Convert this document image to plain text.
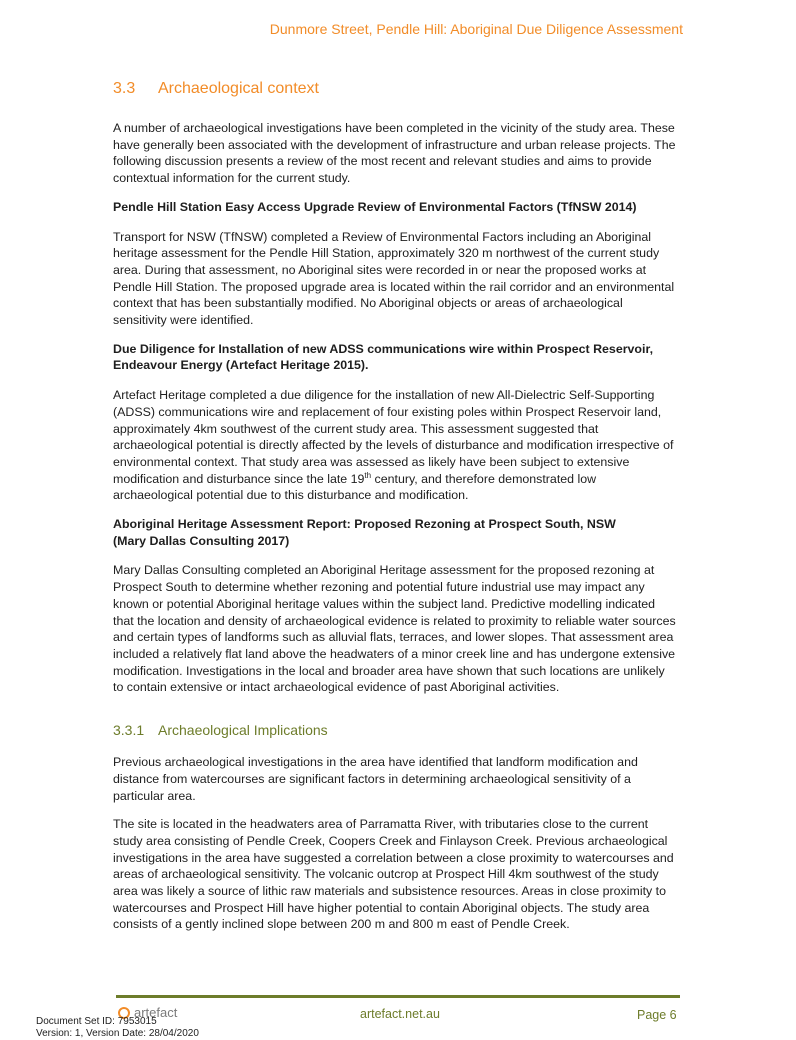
Dunmore Street, Pendle Hill: Aboriginal Due Diligence Assessment
3.3 Archaeological context

A number of archaeological investigations have been completed in the vicinity of the study area. These have generally been associated with the development of infrastructure and urban release projects. The following discussion presents a review of the most recent and relevant studies and aims to provide contextual information for the current study.

Pendle Hill Station Easy Access Upgrade Review of Environmental Factors (TfNSW 2014)

Transport for NSW (TfNSW) completed a Review of Environmental Factors including an Aboriginal heritage assessment for the Pendle Hill Station, approximately 320 m northwest of the current study area. During that assessment, no Aboriginal sites were recorded in or near the proposed works at Pendle Hill Station. The proposed upgrade area is located within the rail corridor and an environmental context that has been substantially modified. No Aboriginal objects or areas of archaeological sensitivity were identified.

Due Diligence for Installation of new ADSS communications wire within Prospect Reservoir, Endeavour Energy (Artefact Heritage 2015).

Artefact Heritage completed a due diligence for the installation of new All-Dielectric Self-Supporting (ADSS) communications wire and replacement of four existing poles within Prospect Reservoir land, approximately 4km southwest of the current study area. This assessment suggested that archaeological potential is directly affected by the levels of disturbance and modification irrespective of environmental context. That study area was assessed as likely have been subject to extensive modification and disturbance since the late 19th century, and therefore demonstrated low archaeological potential due to this disturbance and modification.

Aboriginal Heritage Assessment Report: Proposed Rezoning at Prospect South, NSW
(Mary Dallas Consulting 2017)

Mary Dallas Consulting completed an Aboriginal Heritage assessment for the proposed rezoning at Prospect South to determine whether rezoning and potential future industrial use may impact any known or potential Aboriginal heritage values within the subject land. Predictive modelling indicated that the location and density of archaeological evidence is related to proximity to reliable water sources and certain types of landforms such as alluvial flats, terraces, and lower slopes. That assessment area included a relatively flat land above the headwaters of a minor creek line and has undergone extensive modification. Investigations in the local and broader area have shown that such locations are unlikely to contain extensive or intact archaeological evidence of past Aboriginal activities.

3.3.1 Archaeological Implications

Previous archaeological investigations in the area have identified that landform modification and distance from watercourses are significant factors in determining archaeological sensitivity of a particular area.

The site is located in the headwaters area of Parramatta River, with tributaries close to the current study area consisting of Pendle Creek, Coopers Creek and Finlayson Creek. Previous archaeological investigations in the area have suggested a correlation between a close proximity to watercourses and areas of archaeological sensitivity. The volcanic outcrop at Prospect Hill 4km southwest of the study area was likely a source of lithic raw materials and subsistence resources. Areas in close proximity to watercourses and Prospect Hill have higher potential to contain Aboriginal objects. The study area consists of a gently inclined slope between 200 m and 800 m east of Pendle Creek.

artefact	artefact.net.au	Page 6
Document Set ID: 7953015
Version: 1, Version Date: 28/04/2020
